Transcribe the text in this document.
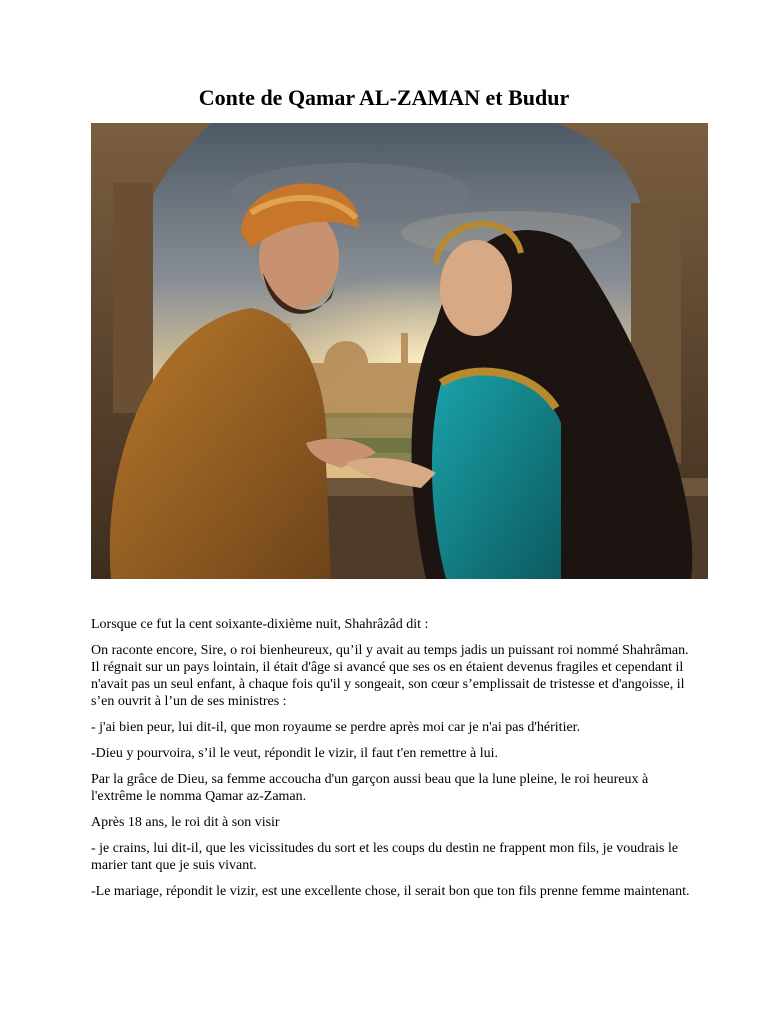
Conte de Qamar AL-ZAMAN et Budur

Lorsque ce fut la cent soixante-dixième nuit, Shahrâzâd dit :

On raconte encore, Sire, o roi bienheureux, qu’il y avait au temps jadis un puissant roi nommé Shahrâman. Il régnait sur un pays lointain, il était d'âge si avancé que ses os en étaient devenus fragiles et cependant il n'avait pas un seul enfant, à chaque fois qu'il y songeait, son cœur s’emplissait de tristesse et d'angoisse, il s’en ouvrit à l’un de ses ministres :

- j'ai bien peur, lui dit-il, que mon royaume se perdre après moi car je n'ai pas d'héritier.

-Dieu y pourvoira, s’il le veut, répondit le vizir, il faut t'en remettre à lui.

Par la grâce de Dieu, sa femme accoucha d'un garçon aussi beau que la lune pleine, le roi heureux à l'extrême le nomma Qamar az-Zaman.

Après 18 ans, le roi dit à son visir

- je crains, lui dit-il, que les vicissitudes du sort et les coups du destin ne frappent mon fils, je voudrais le marier tant que je suis vivant.

-Le mariage, répondit le vizir, est une excellente chose, il serait bon que ton fils prenne femme maintenant.
